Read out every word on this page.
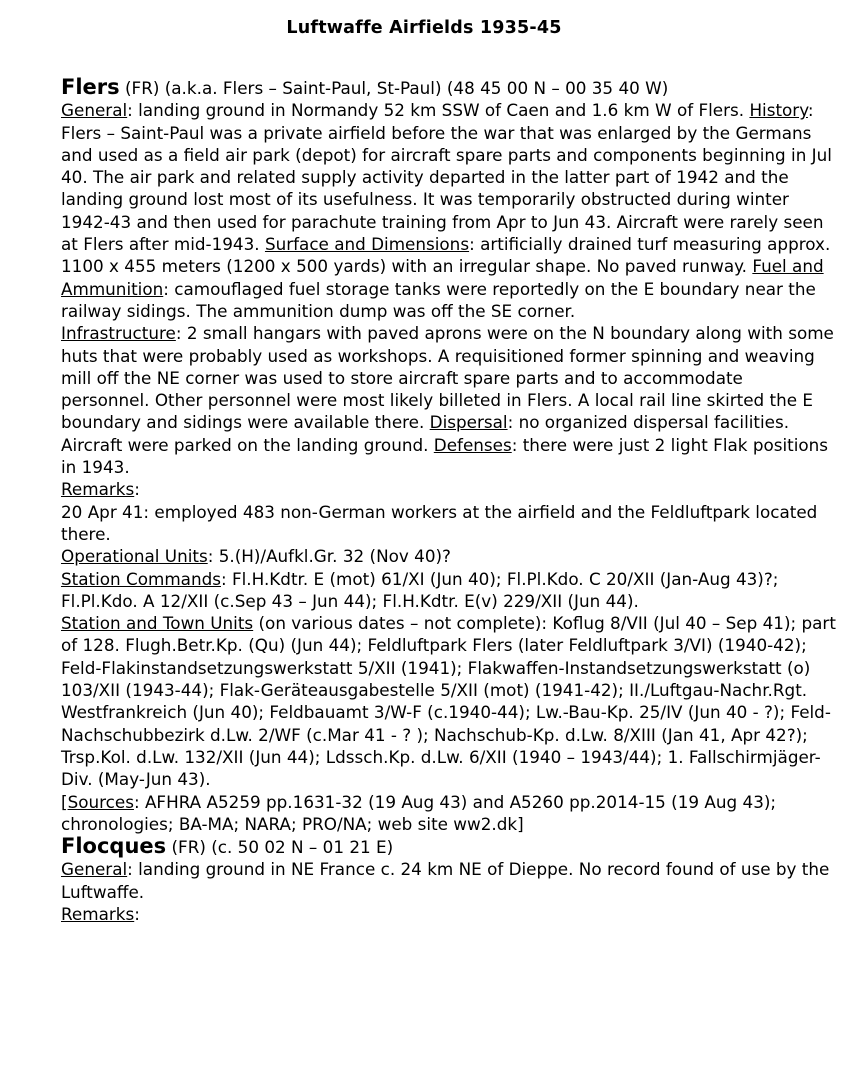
Luftwaffe Airfields 1935-45

Flers (FR) (a.k.a. Flers – Saint-Paul, St-Paul) (48 45 00 N – 00 35 40 W)

General: landing ground in Normandy 52 km SSW of Caen and 1.6 km W of Flers. History: Flers – Saint-Paul was a private airfield before the war that was enlarged by the Germans and used as a field air park (depot) for aircraft spare parts and components beginning in Jul 40. The air park and related supply activity departed in the latter part of 1942 and the landing ground lost most of its usefulness. It was temporarily obstructed during winter 1942-43 and then used for parachute training from Apr to Jun 43. Aircraft were rarely seen at Flers after mid-1943. Surface and Dimensions: artificially drained turf measuring approx. 1100 x 455 meters (1200 x 500 yards) with an irregular shape. No paved runway. Fuel and Ammunition: camouflaged fuel storage tanks were reportedly on the E boundary near the railway sidings. The ammunition dump was off the SE corner.
Infrastructure: 2 small hangars with paved aprons were on the N boundary along with some huts that were probably used as workshops. A requisitioned former spinning and weaving mill off the NE corner was used to store aircraft spare parts and to accommodate personnel. Other personnel were most likely billeted in Flers. A local rail line skirted the E boundary and sidings were available there. Dispersal: no organized dispersal facilities. Aircraft were parked on the landing ground. Defenses: there were just 2 light Flak positions in 1943.

Remarks:

20 Apr 41: employed 483 non-German workers at the airfield and the Feldluftpark located there.

Operational Units: 5.(H)/Aufkl.Gr. 32 (Nov 40)?

Station Commands: Fl.H.Kdtr. E (mot) 61/XI (Jun 40); Fl.Pl.Kdo. C 20/XII (Jan-Aug 43)?; Fl.Pl.Kdo. A 12/XII (c.Sep 43 – Jun 44); Fl.H.Kdtr. E(v) 229/XII (Jun 44).

Station and Town Units (on various dates – not complete): Koflug 8/VII (Jul 40 – Sep 41); part of 128. Flugh.Betr.Kp. (Qu) (Jun 44); Feldluftpark Flers (later Feldluftpark 3/VI) (1940-42); Feld-Flakinstandsetzungswerkstatt 5/XII (1941); Flakwaffen-Instandsetzungswerkstatt (o) 103/XII (1943-44); Flak-Geräteausgabestelle 5/XII (mot) (1941-42); II./Luftgau-Nachr.Rgt. Westfrankreich (Jun 40); Feldbauamt 3/W-F (c.1940-44); Lw.-Bau-Kp. 25/IV (Jun 40 - ?); Feld-Nachschubbezirk d.Lw. 2/WF (c.Mar 41 - ? ); Nachschub-Kp. d.Lw. 8/XIII (Jan 41, Apr 42?); Trsp.Kol. d.Lw. 132/XII (Jun 44); Ldssch.Kp. d.Lw. 6/XII (1940 – 1943/44); 1. Fallschirmjäger-Div. (May-Jun 43).

[Sources: AFHRA A5259 pp.1631-32 (19 Aug 43) and A5260 pp.2014-15 (19 Aug 43); chronologies; BA-MA; NARA; PRO/NA; web site ww2.dk]

Flocques (FR) (c. 50 02 N – 01 21 E)

General: landing ground in NE France c. 24 km NE of Dieppe. No record found of use by the Luftwaffe.

Remarks:
